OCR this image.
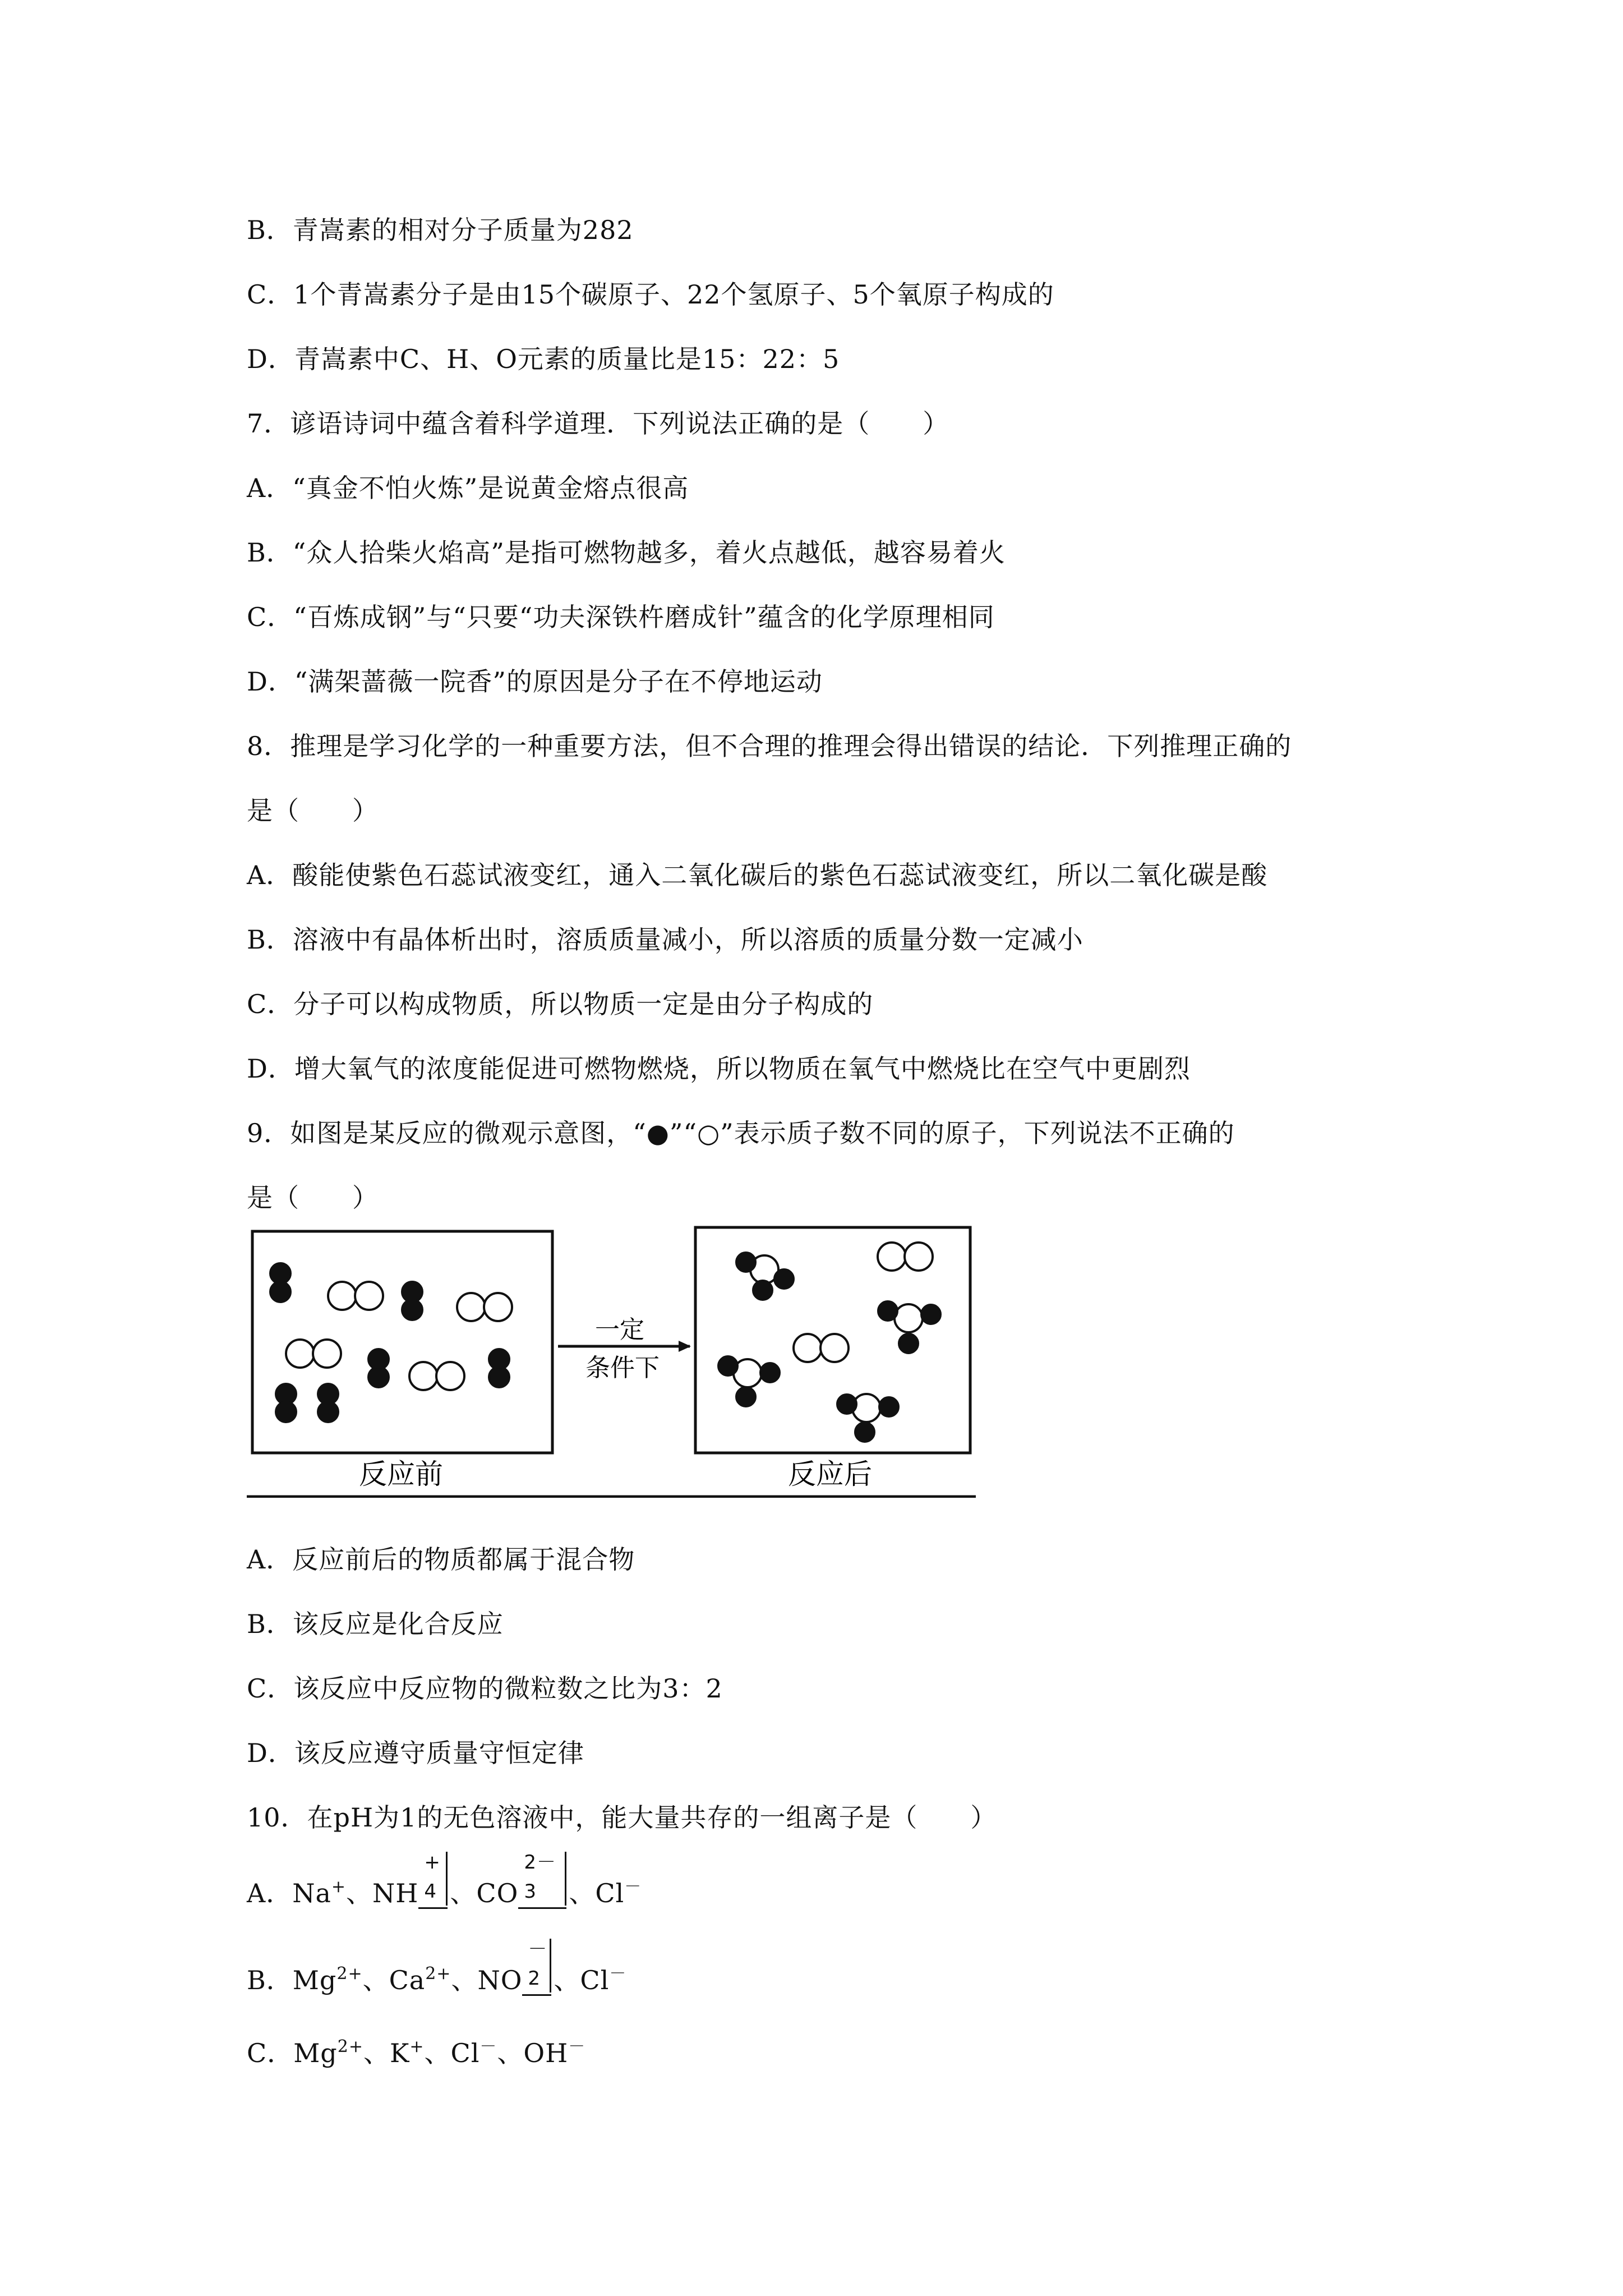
B．青嵩素的相对分子质量为282
C．1个青嵩素分子是由15个碳原子、22个氢原子、5个氧原子构成的
D．青嵩素中C、H、O元素的质量比是15：22：5
7．谚语诗词中蕴含着科学道理．下列说法正确的是（　　）
A．“真金不怕火炼”是说黄金熔点很高
B．“众人拾柴火焰高”是指可燃物越多，着火点越低，越容易着火
C．“百炼成钢”与“只要“功夫深铁杵磨成针”蕴含的化学原理相同
D．“满架蔷薇一院香”的原因是分子在不停地运动
8．推理是学习化学的一种重要方法，但不合理的推理会得出错误的结论．下列推理正确的
是（　　）
A．酸能使紫色石蕊试液变红，通入二氧化碳后的紫色石蕊试液变红，所以二氧化碳是酸
B．溶液中有晶体析出时，溶质质量减小，所以溶质的质量分数一定减小
C．分子可以构成物质，所以物质一定是由分子构成的
D．增大氧气的浓度能促进可燃物燃烧，所以物质在氧气中燃烧比在空气中更剧烈
9．如图是某反应的微观示意图，“●”“○”表示质子数不同的原子，下列说法不正确的
是（　　）
一定
条件下
反应前	反应后
A．反应前后的物质都属于混合物
B．该反应是化合反应
C．该反应中反应物的微粒数之比为3：2
D．该反应遵守质量守恒定律
10．在pH为1的无色溶液中，能大量共存的一组离子是（　　）
A．Na+、NH
+
4 、CO
2－
3 、Cl－
B．$Mg^{2+}$、$Ca^{2+}$、NO
－
2 、Cl－
C．$Mg^{2+}$、K+、Cl－、OH－
